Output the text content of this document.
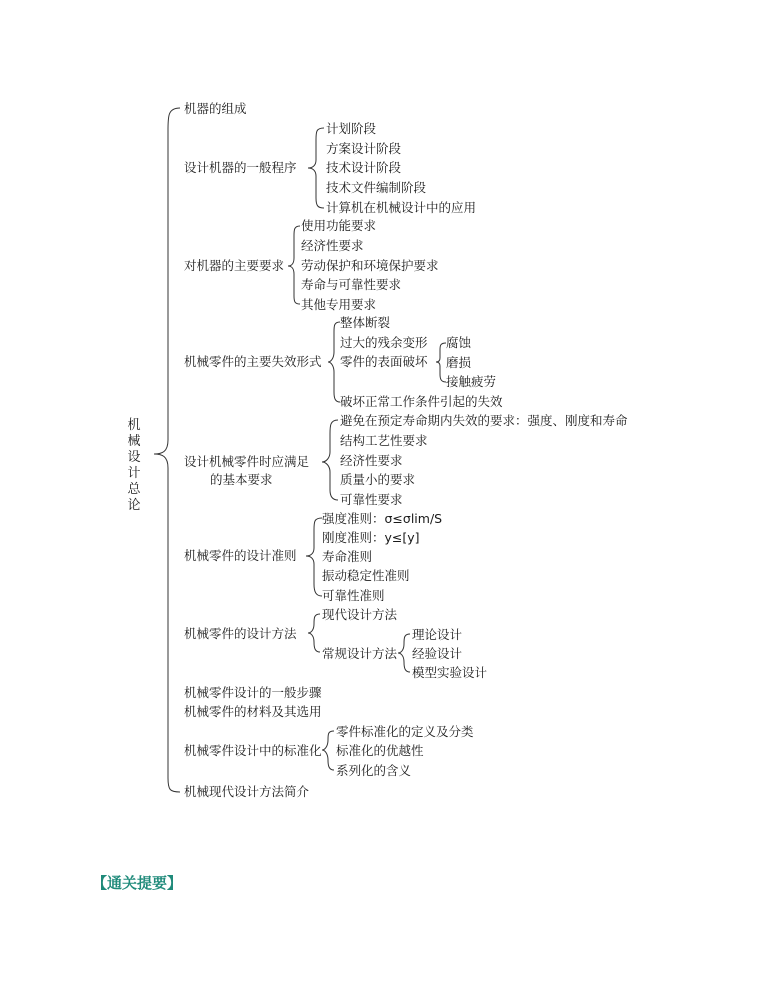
机械设计总论
机器的组成
设计机器的一般程序
计划阶段
方案设计阶段
技术设计阶段
技术文件编制阶段
计算机在机械设计中的应用
对机器的主要要求
使用功能要求
经济性要求
劳动保护和环境保护要求
寿命与可靠性要求
其他专用要求
机械零件的主要失效形式
整体断裂
过大的残余变形
零件的表面破坏
破坏正常工作条件引起的失效
腐蚀
磨损
接触疲劳
设计机械零件时应满足
的基本要求
避免在预定寿命期内失效的要求：强度、刚度和寿命
结构工艺性要求
经济性要求
质量小的要求
可靠性要求
机械零件的设计准则
强度准则：σ≤σlim/S
刚度准则：y≤[y]
寿命准则
振动稳定性准则
可靠性准则
机械零件的设计方法
现代设计方法
常规设计方法
理论设计
经验设计
模型实验设计
机械零件设计的一般步骤
机械零件的材料及其选用
机械零件设计中的标准化
零件标准化的定义及分类
标准化的优越性
系列化的含义
机械现代设计方法简介
【通关提要】
